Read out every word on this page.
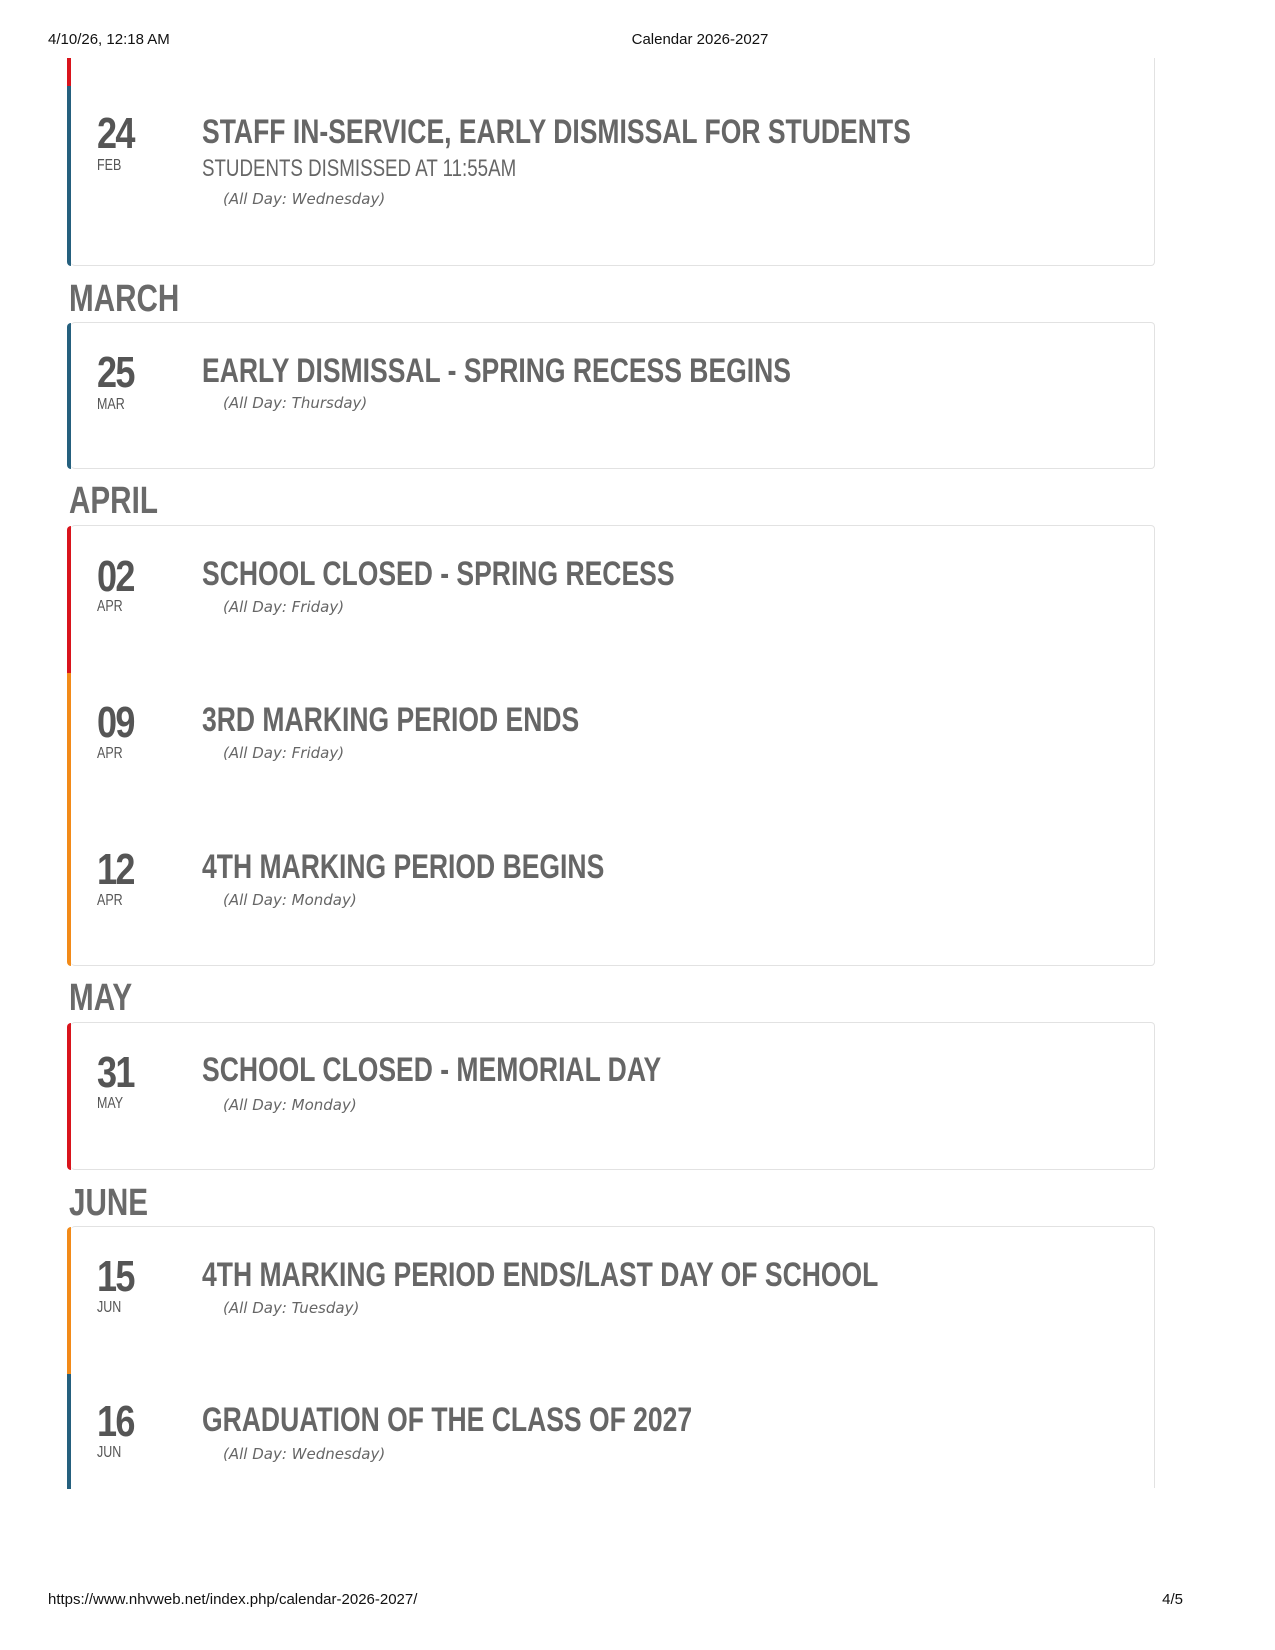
4/10/26, 12:18 AM	Calendar 2026-2027
24
FEB
STAFF IN-SERVICE, EARLY DISMISSAL FOR STUDENTS
STUDENTS DISMISSED AT 11:55AM
(All Day: Wednesday)
MARCH
25
MAR
EARLY DISMISSAL - SPRING RECESS BEGINS
(All Day: Thursday)
APRIL
02
APR
SCHOOL CLOSED - SPRING RECESS
(All Day: Friday)
09
APR
3RD MARKING PERIOD ENDS
(All Day: Friday)
12
APR
4TH MARKING PERIOD BEGINS
(All Day: Monday)
MAY
31
MAY
SCHOOL CLOSED - MEMORIAL DAY
(All Day: Monday)
JUNE
15
JUN
4TH MARKING PERIOD ENDS/LAST DAY OF SCHOOL
(All Day: Tuesday)
16
JUN
GRADUATION OF THE CLASS OF 2027
(All Day: Wednesday)
https://www.nhvweb.net/index.php/calendar-2026-2027/	4/5
